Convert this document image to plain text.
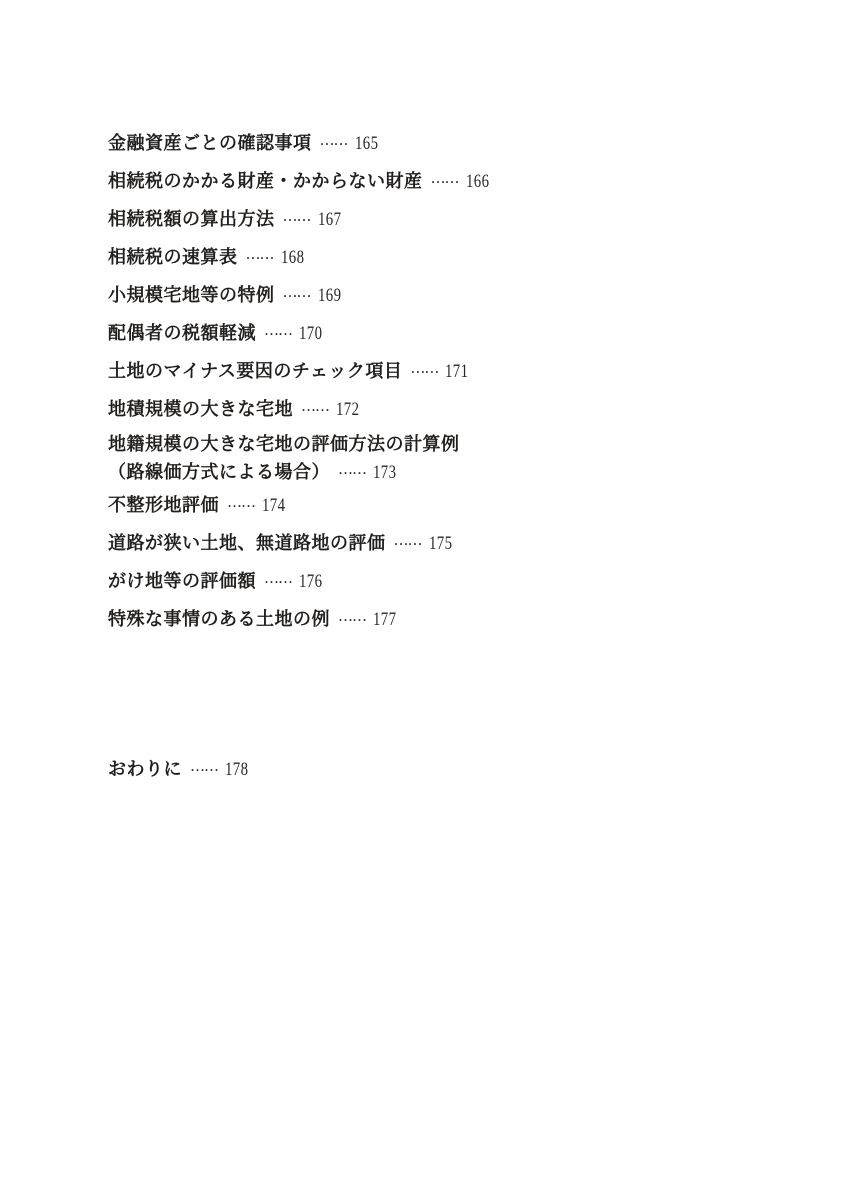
金融資産ごとの確認事項 …… 165
相続税のかかる財産・かからない財産 …… 166
相続税額の算出方法 …… 167
相続税の速算表 …… 168
小規模宅地等の特例 …… 169
配偶者の税額軽減 …… 170
土地のマイナス要因のチェック項目 …… 171
地積規模の大きな宅地 …… 172
地籍規模の大きな宅地の評価方法の計算例
（路線価方式による場合） …… 173
不整形地評価 …… 174
道路が狭い土地、無道路地の評価 …… 175
がけ地等の評価額 …… 176
特殊な事情のある土地の例 …… 177
おわりに …… 178
